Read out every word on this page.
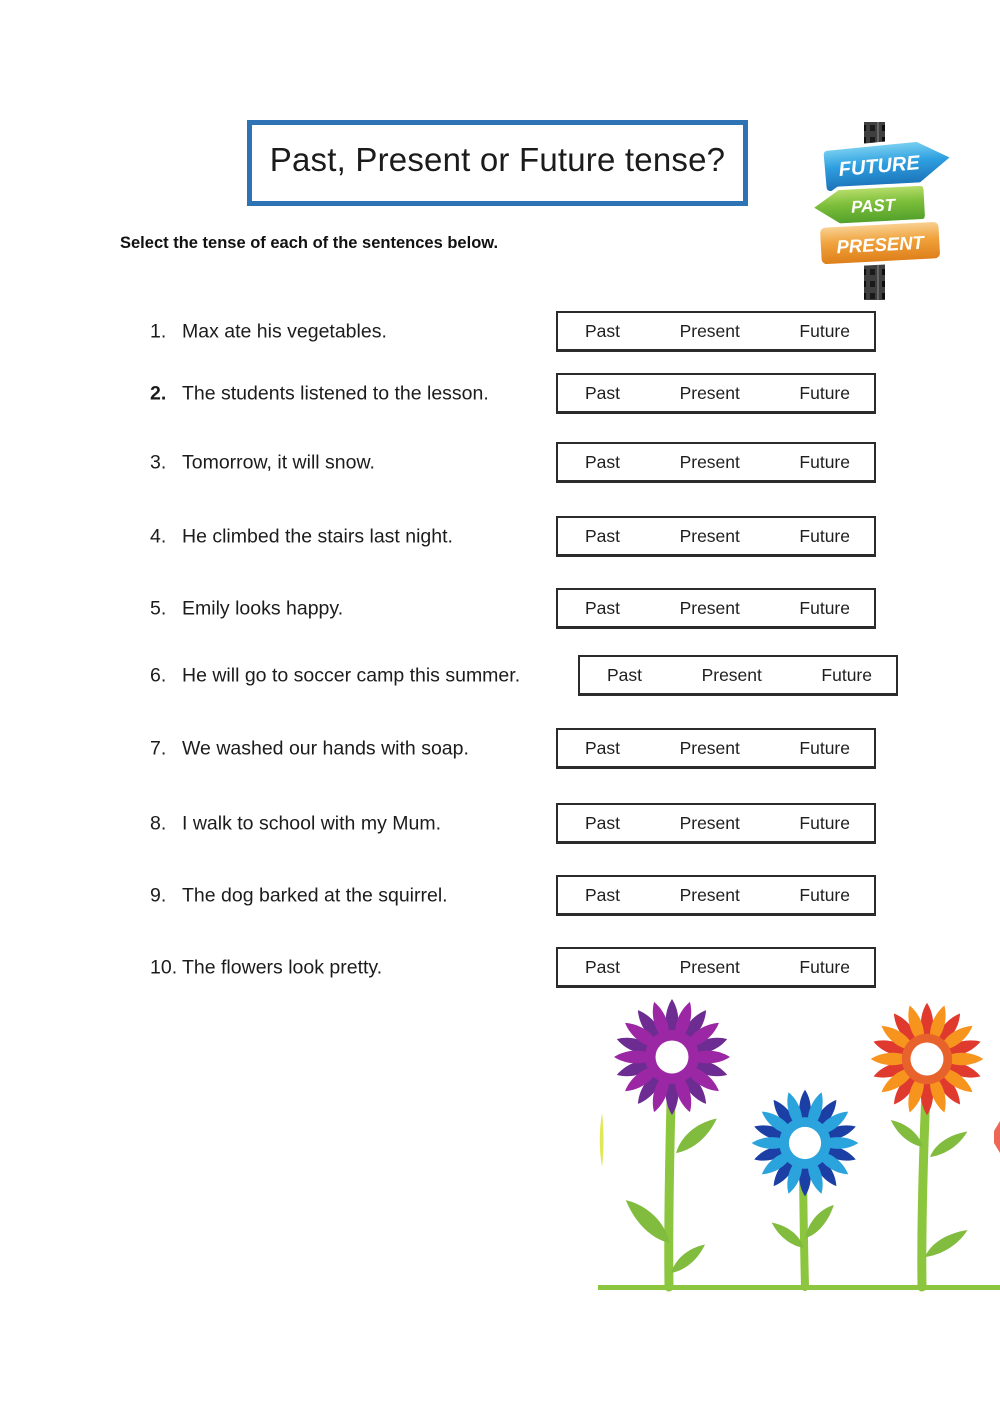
Past, Present or Future tense?	FUTURE
PAST
PRESENT
Select the tense of each of the sentences below.
1. Max ate his vegetables.	Past	Present	Future
2. The students listened to the lesson.	Past	Present	Future
3. Tomorrow, it will snow.	Past	Present	Future
4. He climbed the stairs last night.	Past	Present	Future
5. Emily looks happy.	Past	Present	Future
6. He will go to soccer camp this summer.	Past	Present	Future
7. We washed our hands with soap.	Past	Present	Future
8. I walk to school with my Mum.	Past	Present	Future
9. The dog barked at the squirrel.	Past	Present	Future
10. The flowers look pretty.	Past	Present	Future
